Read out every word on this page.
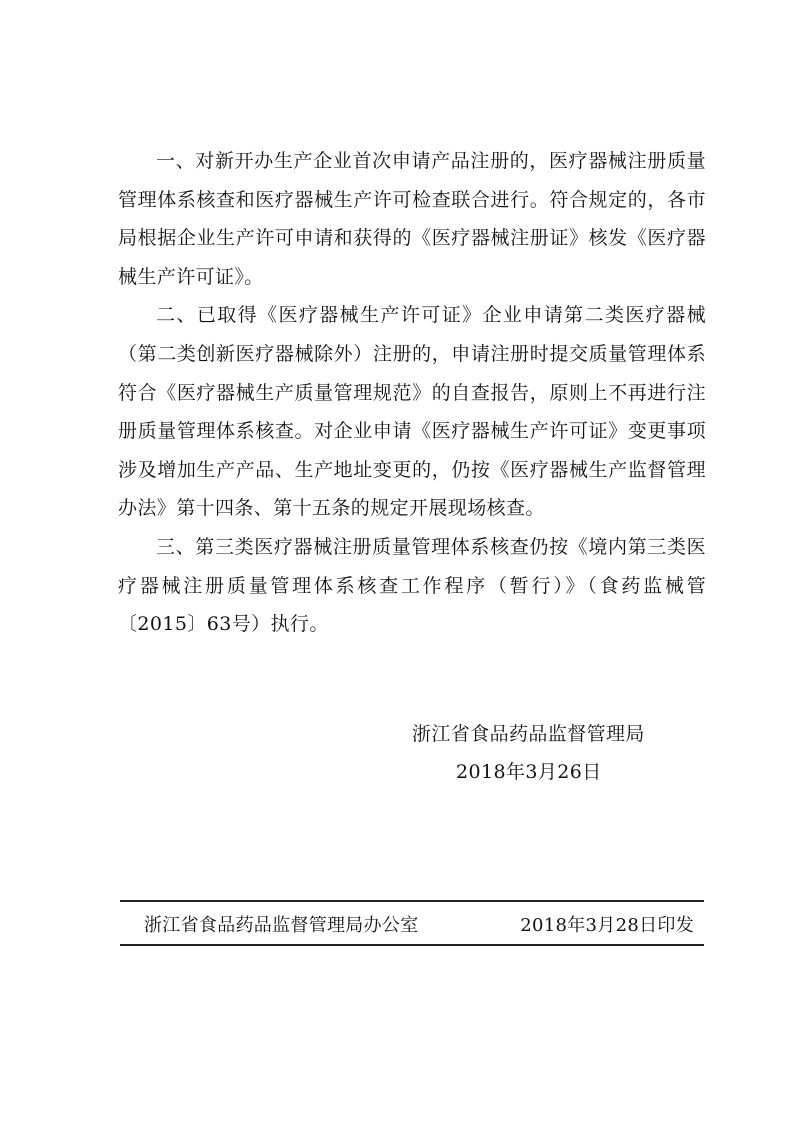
一、对新开办生产企业首次申请产品注册的，医疗器械注册质量管理体系核查和医疗器械生产许可检查联合进行。符合规定的，各市局根据企业生产许可申请和获得的《医疗器械注册证》核发《医疗器械生产许可证》。

二、已取得《医疗器械生产许可证》企业申请第二类医疗器械（第二类创新医疗器械除外）注册的，申请注册时提交质量管理体系符合《医疗器械生产质量管理规范》的自查报告，原则上不再进行注册质量管理体系核查。对企业申请《医疗器械生产许可证》变更事项涉及增加生产产品、生产地址变更的，仍按《医疗器械生产监督管理办法》第十四条、第十五条的规定开展现场核查。

三、第三类医疗器械注册质量管理体系核查仍按《境内第三类医疗器械注册质量管理体系核查工作程序（暂行）》（食药监械管〔2015〕63号）执行。

浙江省食品药品监督管理局
2018年3月26日
浙江省食品药品监督管理局办公室	2018年3月28日印发
